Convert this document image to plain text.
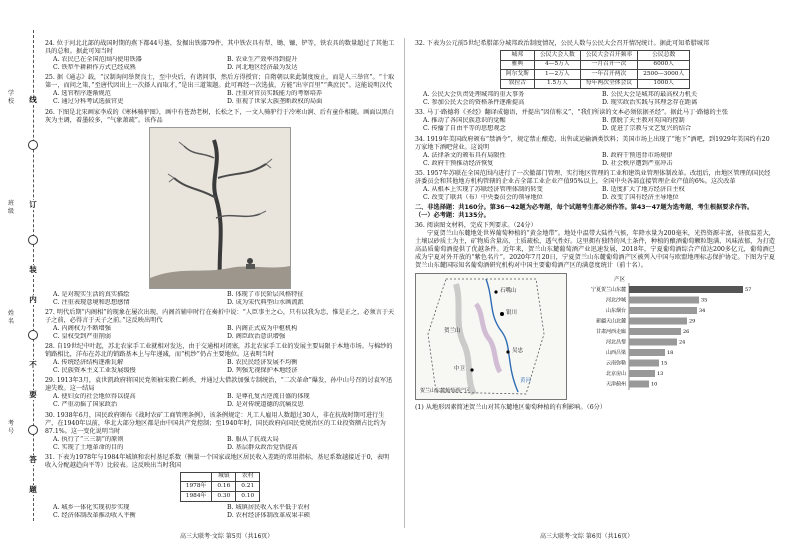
学校
班级
姓名
考号
线
订
装
内
不
要
答
题
24. 位于河北北部的战国时期的燕下都44号墓，发掘出铁器79件，其中铁农具有犁、锄、镰、铲等，铁农具的数量超过了其他工具的总和。据此可知当时
A. 农民已在全国范围内使用铁器	B. 农业生产效率得到提升
C. 铁犁牛耕耕作方式已经成熟	D. 河北地区经济最为发达
25. 据《通志》载，“汉制询问举贤良士，至中央后，有诸问事，然后方得授官；自隋朝以来此制度废止，而是人三举官”。“十取第一，而问之策，”至唐代因出上一次择人而取才，”是出三道策题。此可再经一次选拔，方能“出宰百里”“典庶民”。这能说明汉代
A. 选官程序逐渐规范	B. 注重对官员实践能力的考察培养
C. 通过分科考试选拔官吏	D. 重视了世家大族垄断政权的局面
26. 下图是北宋画家李成的《寒林骑驴图》，画中有苍劲老树，长松之下，一文人骑驴行于冷寒山涧、后有童仆相随。画面以黑白灰为主调，着墨较多，“气象萧疏”。该作品
A. 是对现实生活的真实描绘	B. 体现了市民阶层风格特征
C. 注重表现意境和思想感情	D. 成为宋代典型山水画流派
27. 明代后期“内阁相”的现象在屡次出现，内阁首辅申时行在奏折中说：“人臣事主之心，只有以我为忠，惟是正之，必须言于天子之前，必得言于天子之前。”这反映出明代
A. 内阁权力不断增强	B. 内阁正式成为中枢机构
C. 皇权受到严重削弱	D. 阁臣政治意识增强
28. 自19世纪中叶起，苏北农家手工业就相对发达，由于交通相对闭塞，苏北农家手工业的发展主要局限于本地市场。与棉纱的销路相比，洋布在苏北的销路基本上与年递减，而“机纱”仍占主要地位。这表明当时
A. 传统经济结构逐渐瓦解	B. 农民民经济发展不均衡
C. 民族资本主义工业发展缓慢	D. 列强无视保护本地经济
29. 1913年3月，袁世凯政府将国民党领袖宋教仁刺杀，并通过大借款加强专制统治，“二次革命”爆发，孙中山号召的讨袁军迅速失败。这一结局
A. 使妇女的社会地位得以提高	B. 是尊孔复古逆流日盛的体现
C. 严重动摇了国家政治	D. 是对传统道德的沉痛反思
30. 1938年6月，国民政府颁布《战时农矿工商管理条例》，该条例规定：凡工人雇用人数超过30人，非在抗战时期可进行生产，在1940年以前，华北大部分地区都是由中国共产党控制；至1940年时，国民政府向国民党统治区的工业投资额占比约为87.1%。这一变化说明当时
A. 执行了“三三制”的原则	B. 服从了抗战大局
C. 实现了土地革命的目的	D. 基层群众政治觉悟提高
31. 下表为1978年与1984年城镇和农村基尼系数（衡量一个国家或地区居民收入差距的常用指标，基尼系数越接近于0，表明收入分配越趋向平等）比较表。这反映出当时我国
	城镇	农村
1978年	0.16	0.21
1984年	0.30	0.10
A. 城乡一体化实现初步实现	B. 城镇居民收入水平低于农村
C. 经济体制改革推动收入平衡	D. 农村经济体制改革成果丰硕
32. 下表为公元前5世纪希腊部分城邦政治制度情况，公民人数与公民大会召开情况统计。据此可知希腊城邦
城邦	公民大会人数	公民大会召开频率	公民总数
雅典	4—5万人	一月召开一次	6000人
阿尔戈斯	1—2万人	一年召开两次	2500—3000人
叙拉古	1.5万人	每年两次全体会议	1000人
A. 公民大会负责处理城邦的重大事务	B. 公民大会是城邦的最高权力机关
C. 参加公民大会的资格条件逐渐提高	D. 现实政治实践与其理念存在距离
33. 马丁·路德将《圣经》翻译成德语，并提出“因信称义”，“我们所读的文本必须依据圣经”。据此马丁·路德的主张
A. 推动了各国民族意识的觉醒	B. 摆脱了天主教对英国的控制
C. 传播了自由平等的思想观念	D. 促进了宗教与文艺复兴的结合
34. 1919年美国政府颁布“禁酒令”，规定禁止酿造、出售或运输酒类饮料；美国市场上出现了“地下”酒吧，到1929年美国约有20万家地下酒吧营业。这说明
A. 法律条文的颁布具有局限性	B. 政府干预违背市场规律
C. 政府干预推动经济恢复	D. 社会秩序遭到严重冲击
35. 1957年苏联在全国范围内进行了一次撤部门管理、实行地区管理的工业和建筑业管理体制改革。改组后，由地区管理的国民经济委员会和其他地方机构管辖的企业占全部工业企业产值95%以上，全国中央各部直接管理企业产值的6%。这次改革
A. 从根本上实现了苏联经济管理体制的转变	B. 适度扩大了地方经济自主权
C. 改变了联共（布）中央委员会的领导地位	D. 改变了国有经济主导地位
二、非选择题：共160分。第36～42题为必考题，每个试题考生都必须作答。第43～47题为选考题，考生根据要求作答。
（一）必考题：共135分。
36. 阅读图文材料，完成下列要求。（24分）
宁夏贺兰山东麓地处世界葡萄种植的“黄金地带”。地处中温带大陆性气候，年降水量为200毫米，光热资源丰富，昼夜温差大，土壤以砂质土为主，矿物质含量高，土质疏松，透气性好。这里拥有独特的风土条件，种植的酿酒葡萄颗粒饱满、风味浓郁，为打造高品质葡萄酒提供了优越条件。近年来，贺兰山东麓葡萄酒产业迅速发展，2018年，宁夏葡萄酒综合产值达200多亿元，葡萄酒已成为宁夏对外开放的“紫色名片”。2020年7月20日，宁夏贺兰山东麓葡萄酒产区被列入中国与欧盟地理标志保护协定。下图为宁夏贺兰山东麓国际知名葡萄酒研究机构对中国主要葡萄酒产区的满意度统计（前十名）。
贺兰山
银川
石嘴山
吴忠
中卫
黄河
贺兰山东麓葡萄酒产区
产区
宁夏贺兰山东麓	57
河北沙城	35
山东烟台	34
新疆天山北麓	29
甘肃河西走廊	26
河北昌黎	24
山西吕梁	18
云南弥勒	15
北京房山	13
天津蓟州	10
(1) 从地形因素简述贺兰山对其东麓地区葡萄种植的有利影响。（6分）
高三大联考·文综 第5页（共16页）	高三大联考·文综 第6页（共16页）
